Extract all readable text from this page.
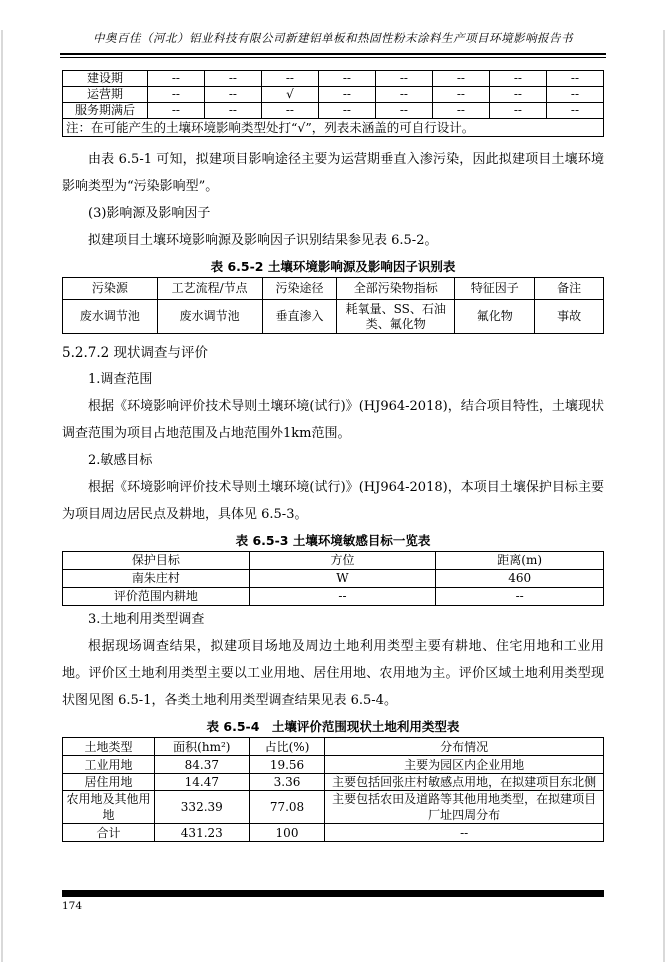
中奥百佳（河北）铝业科技有限公司新建铝单板和热固性粉末涂料生产项目环境影响报告书
建设期	--	--	--	--	--	--	--	--
运营期	--	--	√	--	--	--	--	--
服务期满后	--	--	--	--	--	--	--	--
注：在可能产生的土壤环境影响类型处打“√”，列表未涵盖的可自行设计。								

由表 6.5-1 可知，拟建项目影响途径主要为运营期垂直入渗污染，因此拟建项目土壤环境影响类型为“污染影响型”。

(3)影响源及影响因子

拟建项目土壤环境影响源及影响因子识别结果参见表 6.5-2。

表 6.5-2 土壤环境影响源及影响因子识别表
污染源	工艺流程/节点	污染途径	全部污染物指标	特征因子	备注
废水调节池	废水调节池	垂直渗入	耗氧量、SS、石油类、氟化物	氟化物	事故

5.2.7.2 现状调查与评价

1.调查范围

根据《环境影响评价技术导则土壤环境(试行)》(HJ964-2018)，结合项目特性，土壤现状调查范围为项目占地范围及占地范围外1km范围。

2.敏感目标

根据《环境影响评价技术导则土壤环境(试行)》(HJ964-2018)，本项目土壤保护目标主要为项目周边居民点及耕地，具体见 6.5-3。

表 6.5-3 土壤环境敏感目标一览表
保护目标	方位	距离(m)
南朱庄村	W	460
评价范围内耕地	--	--

3.土地利用类型调查

根据现场调查结果，拟建项目场地及周边土地利用类型主要有耕地、住宅用地和工业用地。评价区土地利用类型主要以工业用地、居住用地、农用地为主。评价区域土地利用类型现状图见图 6.5-1，各类土地利用类型调查结果见表 6.5-4。

表 6.5-4　土壤评价范围现状土地利用类型表
土地类型	面积(hm²)	占比(%)	分布情况
工业用地	84.37	19.56	主要为园区内企业用地
居住用地	14.47	3.36	主要包括回张庄村敏感点用地，在拟建项目东北侧
农用地及其他用地	332.39	77.08	主要包括农田及道路等其他用地类型，在拟建项目厂址四周分布
合计	431.23	100	--
174
